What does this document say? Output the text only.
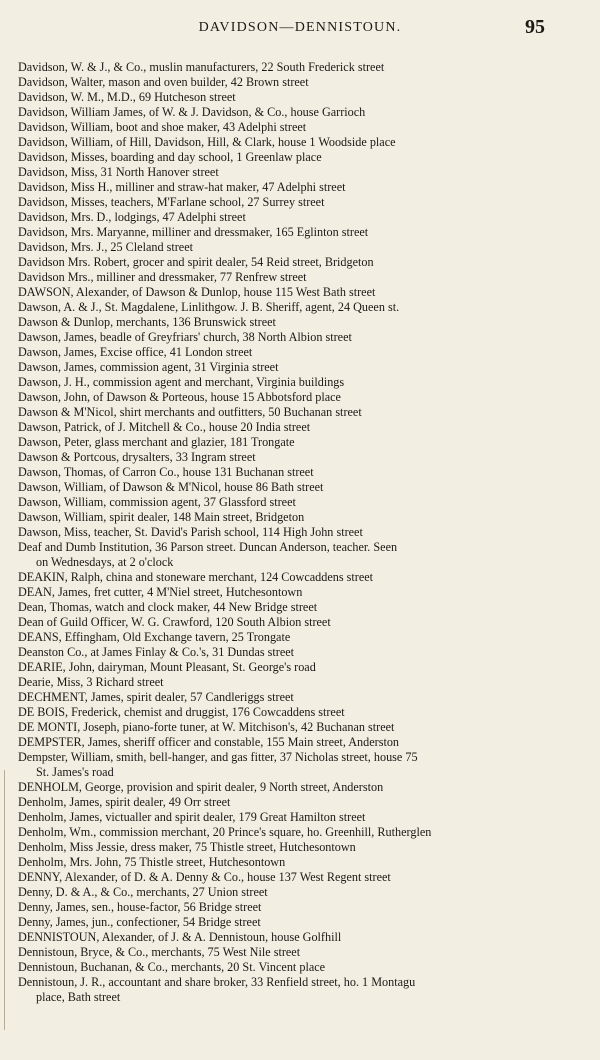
DAVIDSON—DENNISTOUN.	95
Davidson, W. & J., & Co., muslin manufacturers, 22 South Frederick street
Davidson, Walter, mason and oven builder, 42 Brown street
Davidson, W. M., M.D., 69 Hutcheson street
Davidson, William James, of W. & J. Davidson, & Co., house Garrioch
Davidson, William, boot and shoe maker, 43 Adelphi street
Davidson, William, of Hill, Davidson, Hill, & Clark, house 1 Woodside place
Davidson, Misses, boarding and day school, 1 Greenlaw place
Davidson, Miss, 31 North Hanover street
Davidson, Miss H., milliner and straw-hat maker, 47 Adelphi street
Davidson, Misses, teachers, M'Farlane school, 27 Surrey street
Davidson, Mrs. D., lodgings, 47 Adelphi street
Davidson, Mrs. Maryanne, milliner and dressmaker, 165 Eglinton street
Davidson, Mrs. J., 25 Cleland street
Davidson Mrs. Robert, grocer and spirit dealer, 54 Reid street, Bridgeton
Davidson Mrs., milliner and dressmaker, 77 Renfrew street
DAWSON, Alexander, of Dawson & Dunlop, house 115 West Bath street
Dawson, A. & J., St. Magdalene, Linlithgow. J. B. Sheriff, agent, 24 Queen st.
Dawson & Dunlop, merchants, 136 Brunswick street
Dawson, James, beadle of Greyfriars' church, 38 North Albion street
Dawson, James, Excise office, 41 London street
Dawson, James, commission agent, 31 Virginia street
Dawson, J. H., commission agent and merchant, Virginia buildings
Dawson, John, of Dawson & Porteous, house 15 Abbotsford place
Dawson & M'Nicol, shirt merchants and outfitters, 50 Buchanan street
Dawson, Patrick, of J. Mitchell & Co., house 20 India street
Dawson, Peter, glass merchant and glazier, 181 Trongate
Dawson & Portcous, drysalters, 33 Ingram street
Dawson, Thomas, of Carron Co., house 131 Buchanan street
Dawson, William, of Dawson & M'Nicol, house 86 Bath street
Dawson, William, commission agent, 37 Glassford street
Dawson, William, spirit dealer, 148 Main street, Bridgeton
Dawson, Miss, teacher, St. David's Parish school, 114 High John street
Deaf and Dumb Institution, 36 Parson street. Duncan Anderson, teacher. Seen
on Wednesdays, at 2 o'clock
DEAKIN, Ralph, china and stoneware merchant, 124 Cowcaddens street
DEAN, James, fret cutter, 4 M'Niel street, Hutchesontown
Dean, Thomas, watch and clock maker, 44 New Bridge street
Dean of Guild Officer, W. G. Crawford, 120 South Albion street
DEANS, Effingham, Old Exchange tavern, 25 Trongate
Deanston Co., at James Finlay & Co.'s, 31 Dundas street
DEARIE, John, dairyman, Mount Pleasant, St. George's road
Dearie, Miss, 3 Richard street
DECHMENT, James, spirit dealer, 57 Candleriggs street
DE BOIS, Frederick, chemist and druggist, 176 Cowcaddens street
DE MONTI, Joseph, piano-forte tuner, at W. Mitchison's, 42 Buchanan street
DEMPSTER, James, sheriff officer and constable, 155 Main street, Anderston
Dempster, William, smith, bell-hanger, and gas fitter, 37 Nicholas street, house 75
St. James's road
DENHOLM, George, provision and spirit dealer, 9 North street, Anderston
Denholm, James, spirit dealer, 49 Orr street
Denholm, James, victualler and spirit dealer, 179 Great Hamilton street
Denholm, Wm., commission merchant, 20 Prince's square, ho. Greenhill, Rutherglen
Denholm, Miss Jessie, dress maker, 75 Thistle street, Hutchesontown
Denholm, Mrs. John, 75 Thistle street, Hutchesontown
DENNY, Alexander, of D. & A. Denny & Co., house 137 West Regent street
Denny, D. & A., & Co., merchants, 27 Union street
Denny, James, sen., house-factor, 56 Bridge street
Denny, James, jun., confectioner, 54 Bridge street
DENNISTOUN, Alexander, of J. & A. Dennistoun, house Golfhill
Dennistoun, Bryce, & Co., merchants, 75 West Nile street
Dennistoun, Buchanan, & Co., merchants, 20 St. Vincent place
Dennistoun, J. R., accountant and share broker, 33 Renfield street, ho. 1 Montagu
place, Bath street
